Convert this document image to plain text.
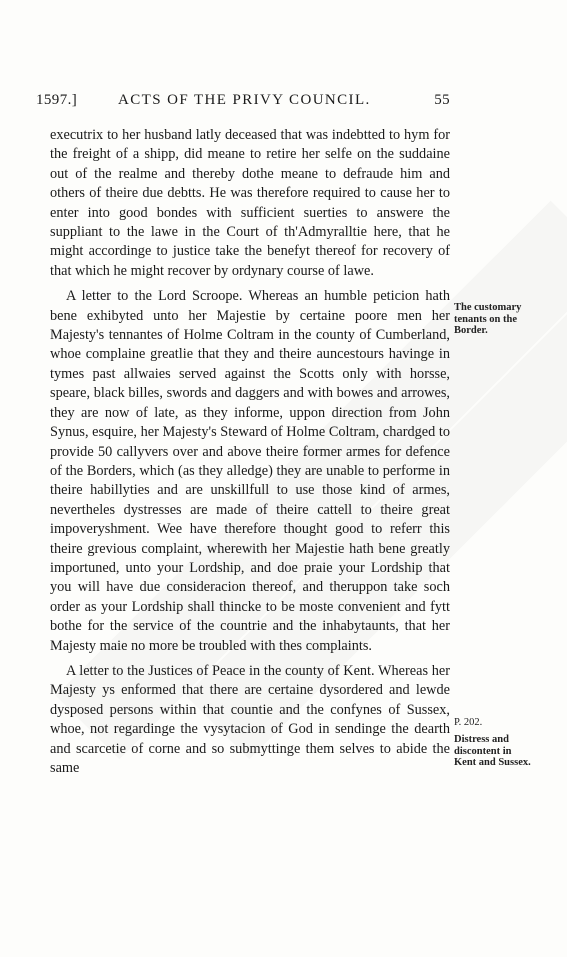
1597.]	ACTS OF THE PRIVY COUNCIL.	55

executrix to her husband latly deceased that was indebtted to hym for the freight of a shipp, did meane to retire her selfe on the suddaine out of the realme and thereby dothe meane to defraude him and others of theire due debtts. He was therefore required to cause her to enter into good bondes with sufficient suerties to answere the suppliant to the lawe in the Court of th'Admyralltie here, that he might accordinge to justice take the benefyt thereof for recovery of that which he might recover by ordynary course of lawe.

A letter to the Lord Scroope. Whereas an humble peticion hath bene exhibyted unto her Majestie by certaine poore men her Majesty's tennantes of Holme Coltram in the county of Cumberland, whoe complaine greatlie that they and theire auncestours havinge in tymes past allwaies served against the Scotts only with horsse, speare, black billes, swords and daggers and with bowes and arrowes, they are now of late, as they informe, uppon direction from John Synus, esquire, her Majesty's Steward of Holme Coltram, chardged to provide 50 callyvers over and above theire former armes for defence of the Borders, which (as they alledge) they are unable to performe in theire habillyties and are unskillfull to use those kind of armes, nevertheles dystresses are made of theire cattell to theire great impoveryshment. Wee have therefore thought good to referr this theire grevious complaint, wherewith her Majestie hath bene greatly importuned, unto your Lordship, and doe praie your Lordship that you will have due consideracion thereof, and theruppon take soch order as your Lordship shall thincke to be moste convenient and fytt bothe for the service of the countrie and the inhabytaunts, that her Majesty maie no more be troubled with thes complaints.

A letter to the Justices of Peace in the county of Kent. Whereas her Majesty ys enformed that there are certaine dysordered and lewde dysposed persons within that countie and the confynes of Sussex, whoe, not regardinge the vysytacion of God in sendinge the dearth and scarcetie of corne and so submyttinge them selves to abide the same

The customary tenants on the Border.
P. 202.
Distress and discontent in Kent and Sussex.
